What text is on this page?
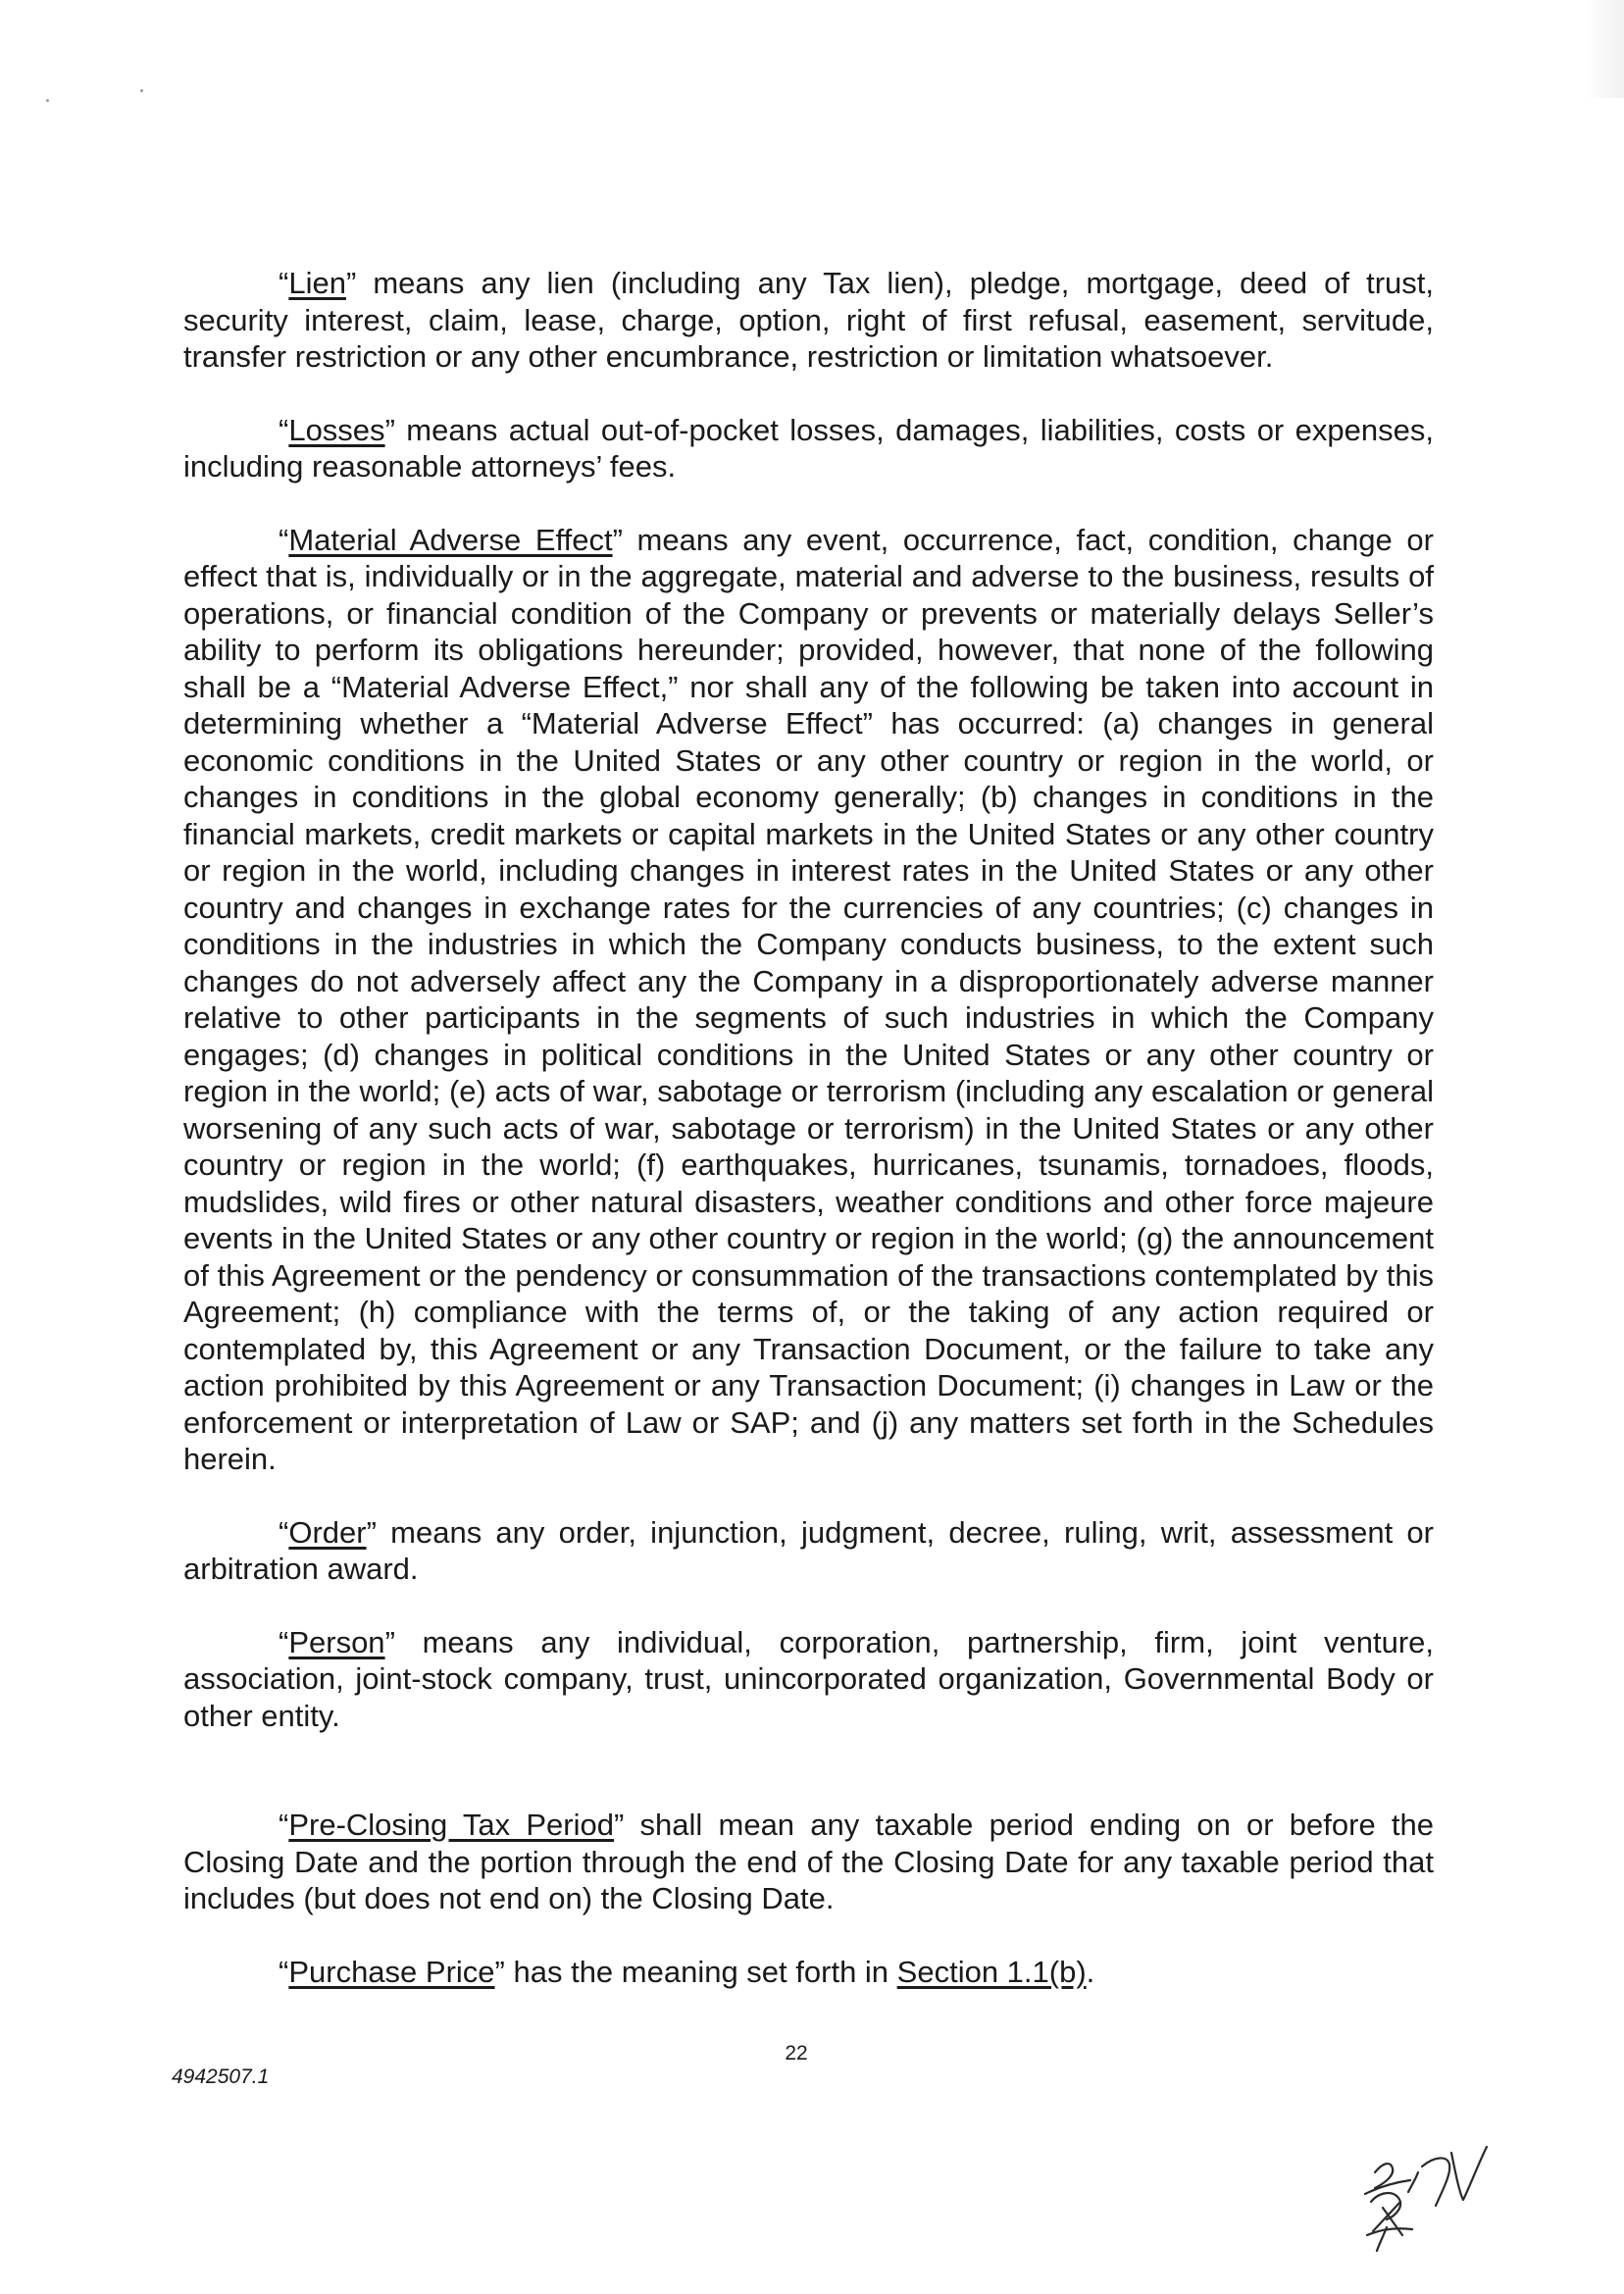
“Lien” means any lien (including any Tax lien), pledge, mortgage, deed of trust, security interest, claim, lease, charge, option, right of first refusal, easement, servitude, transfer restriction or any other encumbrance, restriction or limitation whatsoever.

“Losses” means actual out-of-pocket losses, damages, liabilities, costs or expenses, including reasonable attorneys’ fees.

“Material Adverse Effect” means any event, occurrence, fact, condition, change or effect that is, individually or in the aggregate, material and adverse to the business, results of operations, or financial condition of the Company or prevents or materially delays Seller’s ability to perform its obligations hereunder; provided, however, that none of the following shall be a “Material Adverse Effect,” nor shall any of the following be taken into account in determining whether a “Material Adverse Effect” has occurred: (a) changes in general economic conditions in the United States or any other country or region in the world, or changes in conditions in the global economy generally; (b) changes in conditions in the financial markets, credit markets or capital markets in the United States or any other country or region in the world, including changes in interest rates in the United States or any other country and changes in exchange rates for the currencies of any countries; (c) changes in conditions in the industries in which the Company conducts business, to the extent such changes do not adversely affect any the Company in a disproportionately adverse manner relative to other participants in the segments of such industries in which the Company engages; (d) changes in political conditions in the United States or any other country or region in the world; (e) acts of war, sabotage or terrorism (including any escalation or general worsening of any such acts of war, sabotage or terrorism) in the United States or any other country or region in the world; (f) earthquakes, hurricanes, tsunamis, tornadoes, floods, mudslides, wild fires or other natural disasters, weather conditions and other force majeure events in the United States or any other country or region in the world; (g) the announcement of this Agreement or the pendency or consummation of the transactions contemplated by this Agreement; (h) compliance with the terms of, or the taking of any action required or contemplated by, this Agreement or any Transaction Document, or the failure to take any action prohibited by this Agreement or any Transaction Document; (i) changes in Law or the enforcement or interpretation of Law or SAP; and (j) any matters set forth in the Schedules herein.

“Order” means any order, injunction, judgment, decree, ruling, writ, assessment or arbitration award.

“Person” means any individual, corporation, partnership, firm, joint venture, association, joint-stock company, trust, unincorporated organization, Governmental Body or other entity.

“Pre-Closing Tax Period” shall mean any taxable period ending on or before the Closing Date and the portion through the end of the Closing Date for any taxable period that includes (but does not end on) the Closing Date.

“Purchase Price” has the meaning set forth in Section 1.1(b).

22
4942507.1
